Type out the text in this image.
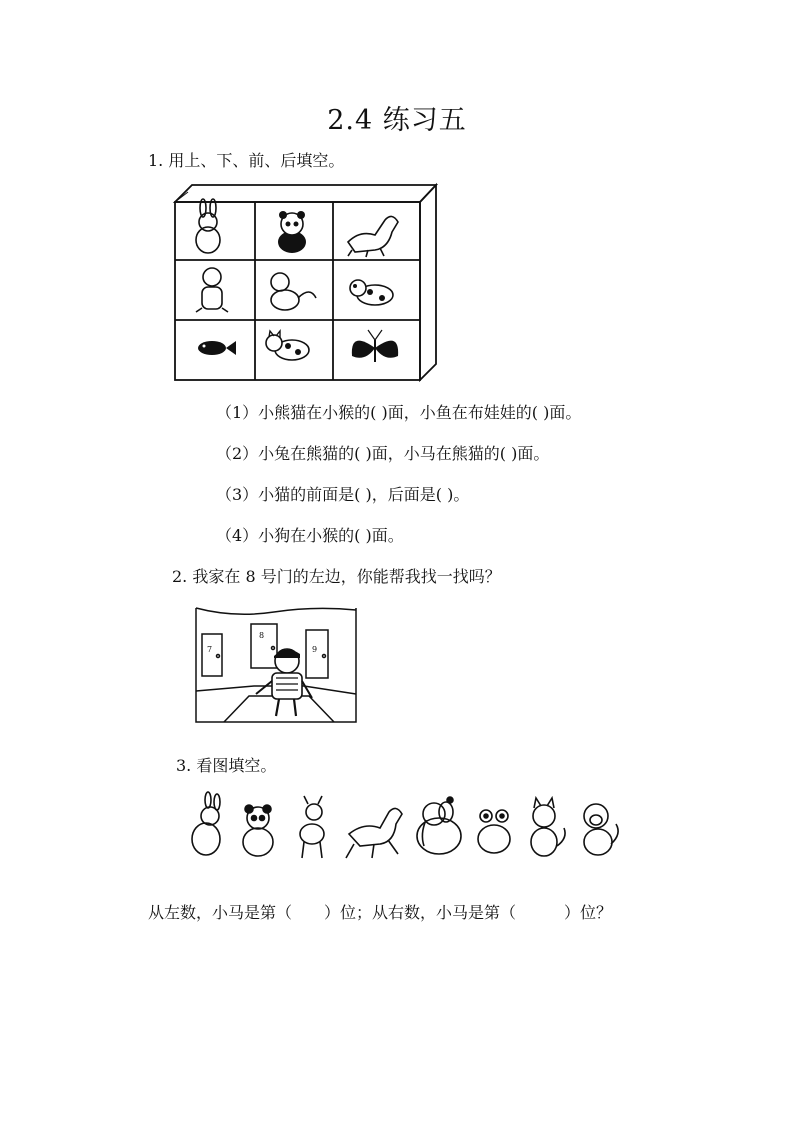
2.4 练习五
1. 用上、下、前、后填空。
（1）小熊猫在小猴的( )面，小鱼在布娃娃的( )面。
（2）小兔在熊猫的( )面，小马在熊猫的( )面。
（3）小猫的前面是( )，后面是( )。
（4）小狗在小猴的( )面。
2. 我家在 8 号门的左边，你能帮我找一找吗？
7
8
9
3. 看图填空。
从左数，小马是第（　　）位；从右数，小马是第（　　　）位？
